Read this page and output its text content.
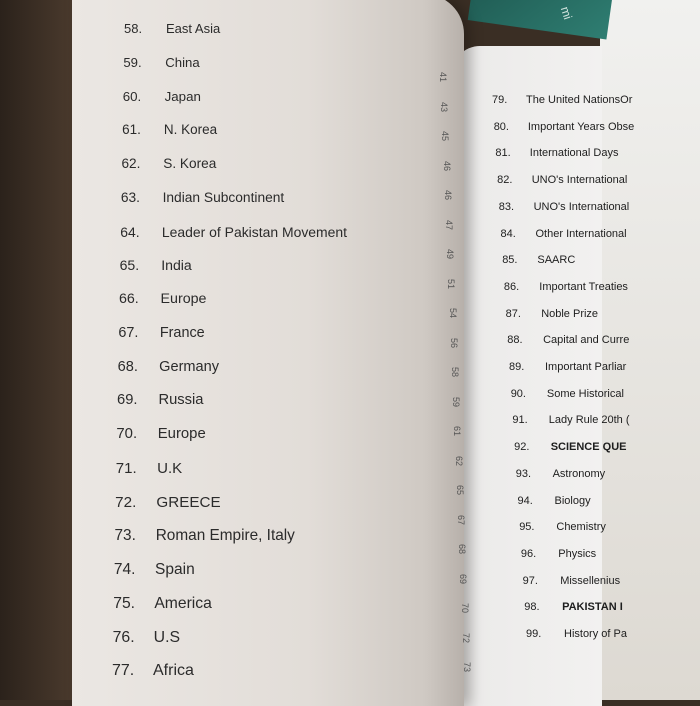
mi
79. The United NationsOr
80. Important Years Obse
81. International Days
82. UNO's International
83. UNO's International
84. Other International
85. SAARC
86. Important Treaties
87. Noble Prize
88. Capital and Curre
89. Important Parliar
90. Some Historical
91. Lady Rule 20th (
92. SCIENCE QUE
93. Astronomy
94. Biology
95. Chemistry
96. Physics
97. Missellenius
98. PAKISTAN I
99. History of Pa
58. East Asia
59. China
60. Japan
61. N. Korea
62. S. Korea
63. Indian Subcontinent
64. Leader of Pakistan Movement
65. India
66. Europe
67. France
68. Germany
69. Russia
70. Europe
71. U.K
72. GREECE
73. Roman Empire, Italy
74. Spain
75. America
76. U.S
77. Africa
41
43
45
46
46
47
49
51
54
56
58
59
61
62
65
67
68
69
70
72
73
